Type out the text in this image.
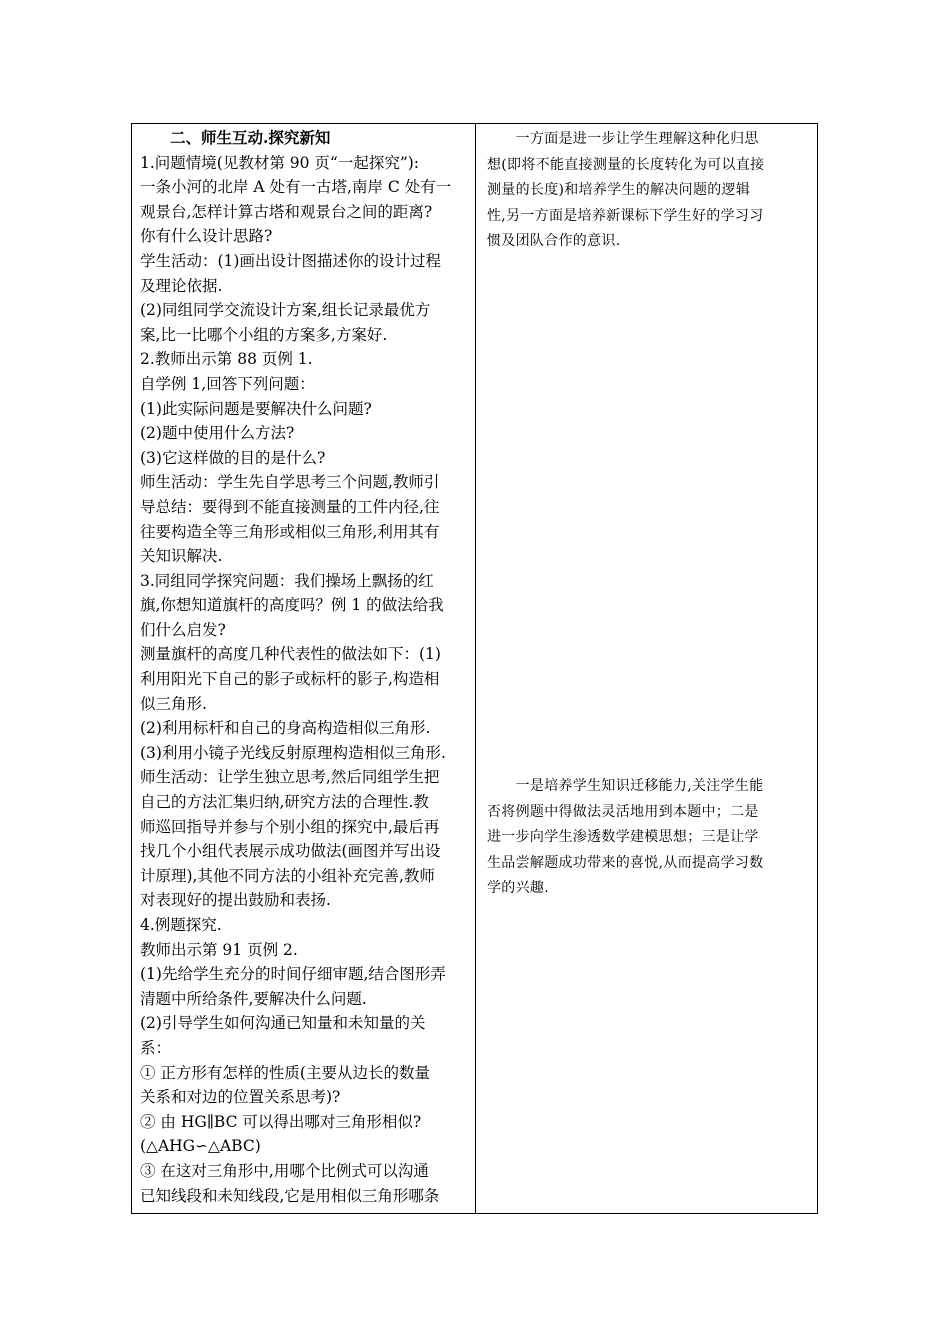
二、师生互动.探究新知
1.问题情境(见教材第 90 页“一起探究”):
一条小河的北岸 A 处有一古塔,南岸 C 处有一
观景台,怎样计算古塔和观景台之间的距离?
你有什么设计思路?
学生活动：(1)画出设计图描述你的设计过程
及理论依据.
(2)同组同学交流设计方案,组长记录最优方
案,比一比哪个小组的方案多,方案好.
2.教师出示第 88 页例 1.
自学例 1,回答下列问题：
(1)此实际问题是要解决什么问题?
(2)题中使用什么方法?
(3)它这样做的目的是什么?
师生活动：学生先自学思考三个问题,教师引
导总结：要得到不能直接测量的工件内径,往
往要构造全等三角形或相似三角形,利用其有
关知识解决.
3.同组同学探究问题：我们操场上飘扬的红
旗,你想知道旗杆的高度吗？例 1 的做法给我
们什么启发?
测量旗杆的高度几种代表性的做法如下：(1)
利用阳光下自己的影子或标杆的影子,构造相
似三角形.
(2)利用标杆和自己的身高构造相似三角形.
(3)利用小镜子光线反射原理构造相似三角形.
师生活动：让学生独立思考,然后同组学生把
自己的方法汇集归纳,研究方法的合理性.教
师巡回指导并参与个别小组的探究中,最后再
找几个小组代表展示成功做法(画图并写出设
计原理),其他不同方法的小组补充完善,教师
对表现好的提出鼓励和表扬.
4.例题探究.
教师出示第 91 页例 2.
(1)先给学生充分的时间仔细审题,结合图形弄
清题中所给条件,要解决什么问题.
(2)引导学生如何沟通已知量和未知量的关
系：
① 正方形有怎样的性质(主要从边长的数量
关系和对边的位置关系思考)?
② 由 HG∥BC 可以得出哪对三角形相似?
(△AHG∽△ABC)
③ 在这对三角形中,用哪个比例式可以沟通
已知线段和未知线段,它是用相似三角形哪条
　　一方面是进一步让学生理解这种化归思
想(即将不能直接测量的长度转化为可以直接
测量的长度)和培养学生的解决问题的逻辑
性,另一方面是培养新课标下学生好的学习习
惯及团队合作的意识.
　　一是培养学生知识迁移能力,关注学生能
否将例题中得做法灵活地用到本题中；二是
进一步向学生渗透数学建模思想；三是让学
生品尝解题成功带来的喜悦,从而提高学习数
学的兴趣.
